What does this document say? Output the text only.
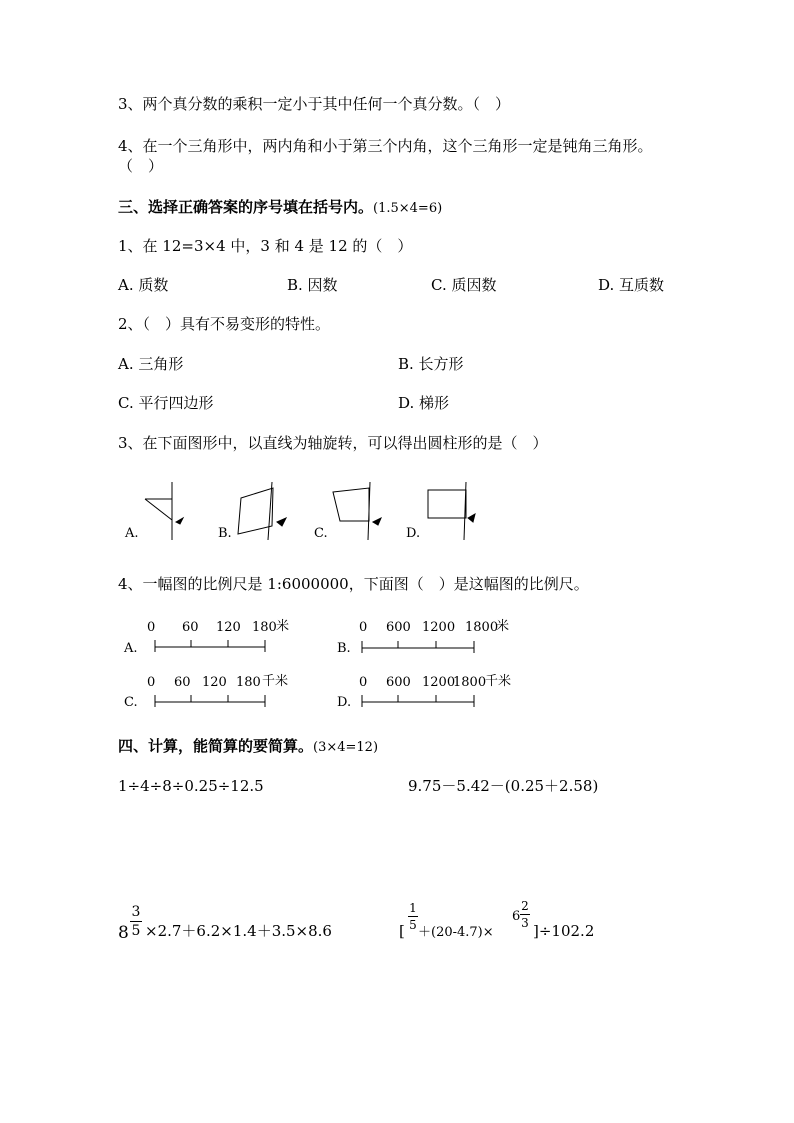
3、两个真分数的乘积一定小于其中任何一个真分数。（　）
4、在一个三角形中，两内角和小于第三个内角，这个三角形一定是钝角三角形。
（　）
三、选择正确答案的序号填在括号内。(1.5×4=6)
1、在 12=3×4 中，3 和 4 是 12 的（　）
A. 质数	B. 因数	C. 质因数	D. 互质数
2、（　）具有不易变形的特性。
A. 三角形	B. 长方形
C. 平行四边形	D. 梯形
3、在下面图形中，以直线为轴旋转，可以得出圆柱形的是（　）
A.	B.	C.	D.
4、一幅图的比例尺是 1:6000000，下面图（　）是这幅图的比例尺。
A.
0 60 120 180 米
B.
0 600 1200 1800
米
C.
0 60 120 180 千米
D.
0 600 1200
1800
千米
四、计算，能简算的要简算。(3×4=12)
1÷4÷8÷0.25÷12.5	9.75－5.42－(0.25＋2.58)
8
3
5 ×2.7＋6.2×1.4＋3.5×8.6	[
1
5 ＋(20-4.7)×
6
2
3 ]÷102.2
